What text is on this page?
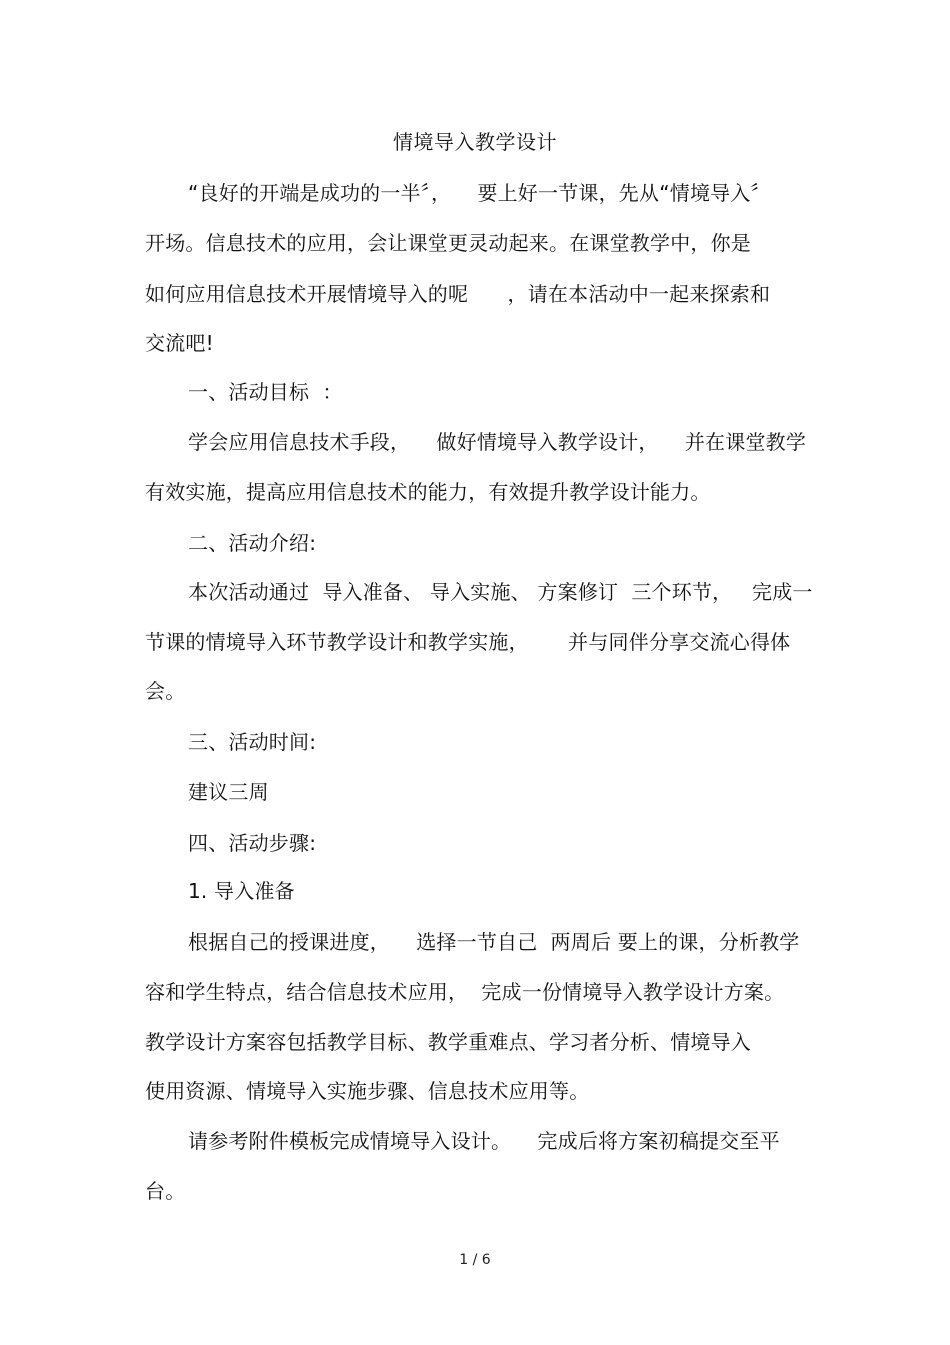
情境导入教学设计
“良好的开端是成功的一半〞，    要上好一节课，先从“情境导入〞
开场。信息技术的应用，会让课堂更灵动起来。在课堂教学中，你是
如何应用信息技术开展情境导入的呢      ，请在本活动中一起来探索和
交流吧!
一、活动目标  ：
学会应用信息技术手段，    做好情境导入教学设计，    并在课堂教学
有效实施，提高应用信息技术的能力，有效提升教学设计能力。
二、活动介绍:
本次活动通过  导入准备、 导入实施、 方案修订  三个环节，   完成一
节课的情境导入环节教学设计和教学实施，      并与同伴分享交流心得体
会。
三、活动时间:
建议三周
四、活动步骤:
1. 导入准备
根据自己的授课进度，    选择一节自己  两周后 要上的课，分析教学
容和学生特点，结合信息技术应用，  完成一份情境导入教学设计方案。
教学设计方案容包括教学目标、教学重难点、学习者分析、情境导入
使用资源、情境导入实施步骤、信息技术应用等。
请参考附件模板完成情境导入设计。    完成后将方案初稿提交至平
台。
1 / 6
